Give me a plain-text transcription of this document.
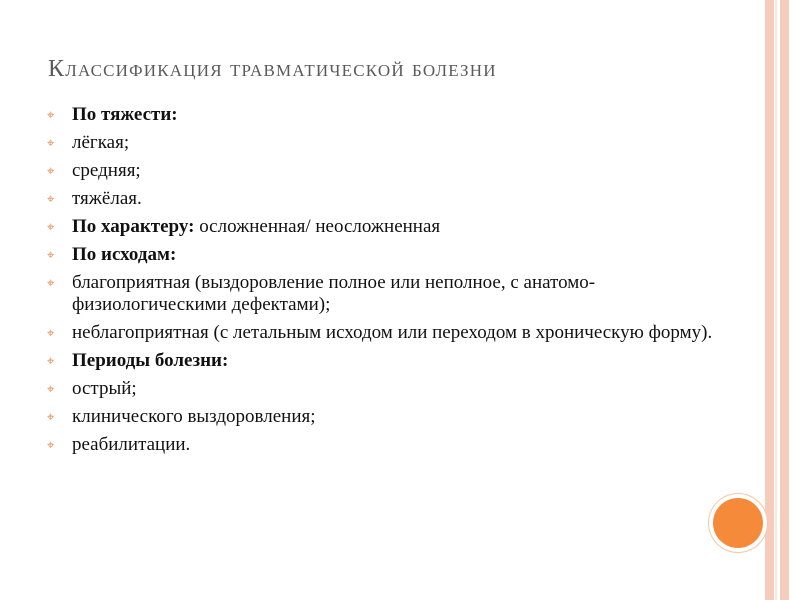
Классификация травматической болезни

⌖ По тяжести:

⌖ лёгкая;

⌖ средняя;

⌖ тяжёлая.

⌖ По характеру: осложненная/ неосложненная

⌖ По исходам:

⌖ благоприятная (выздоровление полное или неполное, с анатомо-физиологическими дефектами);

⌖ неблагоприятная (с летальным исходом или переходом в хроническую форму).

⌖ Периоды болезни:

⌖ острый;

⌖ клинического выздоровления;

⌖ реабилитации.
